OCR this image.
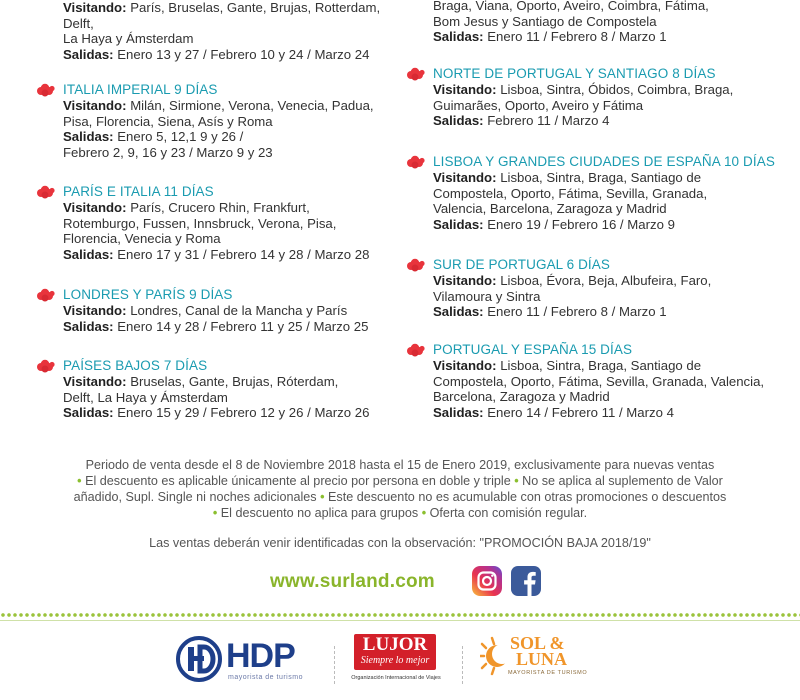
Visitando: París, Bruselas, Gante, Brujas, Rotterdam,
Delft,
La Haya y Ámsterdam
Salidas: Enero 13 y 27 / Febrero 10 y 24 / Marzo 24
ITALIA IMPERIAL 9 DÍAS
Visitando: Milán, Sirmione, Verona, Venecia, Padua,
Pisa, Florencia, Siena, Asís y Roma
Salidas: Enero 5, 12,1 9 y 26 /
Febrero 2, 9, 16 y 23 / Marzo 9 y 23
PARÍS E ITALIA 11 DÍAS
Visitando: París, Crucero Rhin, Frankfurt,
Rotemburgo, Fussen, Innsbruck, Verona, Pisa,
Florencia, Venecia y Roma
Salidas: Enero 17 y 31 / Febrero 14 y 28 / Marzo 28
LONDRES Y PARÍS 9 DÍAS
Visitando: Londres, Canal de la Mancha y París
Salidas: Enero 14 y 28 / Febrero 11 y 25 / Marzo 25
PAÍSES BAJOS 7 DÍAS
Visitando: Bruselas, Gante, Brujas, Róterdam,
Delft, La Haya y Ámsterdam
Salidas: Enero 15 y 29 / Febrero 12 y 26 / Marzo 26
Braga, Viana, Oporto, Aveiro, Coimbra, Fátima,
Bom Jesus y Santiago de Compostela
Salidas: Enero 11 / Febrero 8 / Marzo 1
NORTE DE PORTUGAL Y SANTIAGO 8 DÍAS
Visitando: Lisboa, Sintra, Óbidos, Coimbra, Braga,
Guimarães, Oporto, Aveiro y Fátima
Salidas: Febrero 11 / Marzo 4
LISBOA Y GRANDES CIUDADES DE ESPAÑA 10 DÍAS
Visitando: Lisboa, Sintra, Braga, Santiago de
Compostela, Oporto, Fátima, Sevilla, Granada,
Valencia, Barcelona, Zaragoza y Madrid
Salidas: Enero 19 / Febrero 16 / Marzo 9
SUR DE PORTUGAL 6 DÍAS
Visitando: Lisboa, Évora, Beja, Albufeira, Faro,
Vilamoura y Sintra
Salidas: Enero 11 / Febrero 8 / Marzo 1
PORTUGAL Y ESPAÑA 15 DÍAS
Visitando: Lisboa, Sintra, Braga, Santiago de
Compostela, Oporto, Fátima, Sevilla, Granada, Valencia,
Barcelona, Zaragoza y Madrid
Salidas: Enero 14 / Febrero 11 / Marzo 4
Periodo de venta desde el 8 de Noviembre 2018 hasta el 15 de Enero 2019, exclusivamente para nuevas ventas
• El descuento es aplicable únicamente al precio por persona en doble y triple • No se aplica al suplemento de Valor
añadido, Supl. Single ni noches adicionales • Este descuento no es acumulable con otras promociones o descuentos
• El descuento no aplica para grupos • Oferta con comisión regular.
Las ventas deberán venir identificadas con la observación: "PROMOCIÓN BAJA 2018/19"
www.surland.com
HDP
mayorista de turismo
LUJOR
Siempre lo mejor
Organización Internacional de Viajes
SOL &
LUNA
MAYORISTA DE TURISMO
